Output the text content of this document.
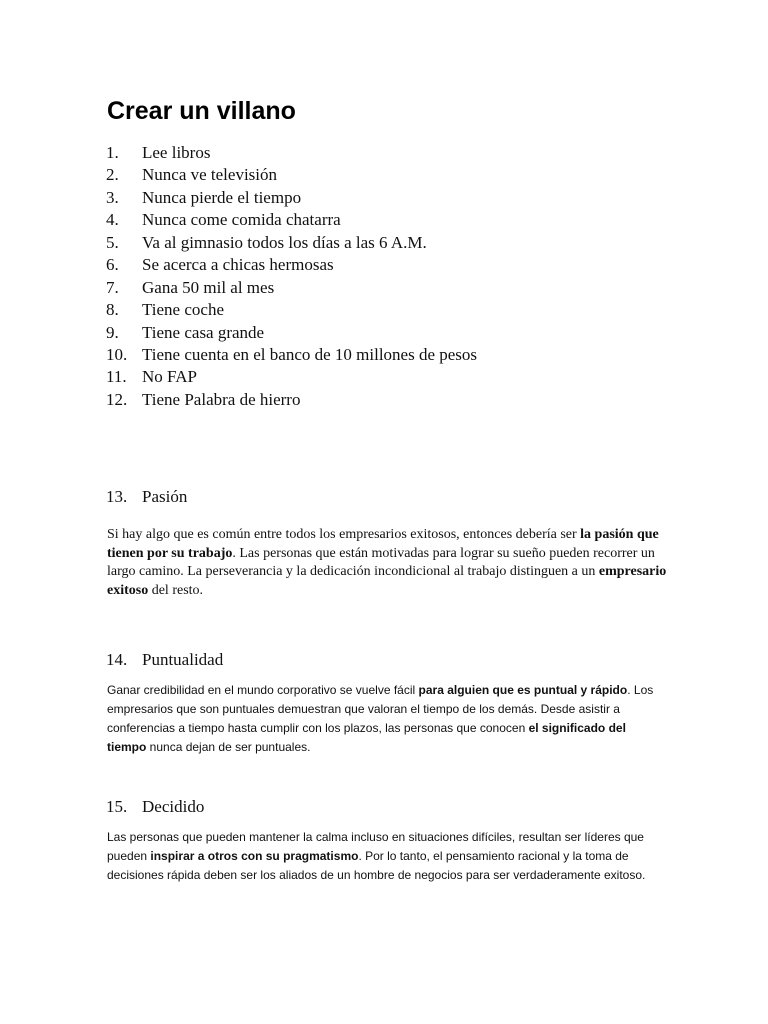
Crear un villano
1. Lee libros
2. Nunca ve televisión
3. Nunca pierde el tiempo
4. Nunca come comida chatarra
5. Va al gimnasio todos los días a las 6 A.M.
6. Se acerca a chicas hermosas
7. Gana 50 mil al mes
8. Tiene coche
9. Tiene casa grande
10. Tiene cuenta en el banco de 10 millones de pesos
11. No FAP
12. Tiene Palabra de hierro
13. Pasión

Si hay algo que es común entre todos los empresarios exitosos, entonces debería ser la pasión que tienen por su trabajo. Las personas que están motivadas para lograr su sueño pueden recorrer un largo camino. La perseverancia y la dedicación incondicional al trabajo distinguen a un empresario exitoso del resto.

14. Puntualidad

Ganar credibilidad en el mundo corporativo se vuelve fácil para alguien que es puntual y rápido. Los empresarios que son puntuales demuestran que valoran el tiempo de los demás. Desde asistir a conferencias a tiempo hasta cumplir con los plazos, las personas que conocen el significado del tiempo nunca dejan de ser puntuales.

15. Decidido

Las personas que pueden mantener la calma incluso en situaciones difíciles, resultan ser líderes que pueden inspirar a otros con su pragmatismo. Por lo tanto, el pensamiento racional y la toma de decisiones rápida deben ser los aliados de un hombre de negocios para ser verdaderamente exitoso.
